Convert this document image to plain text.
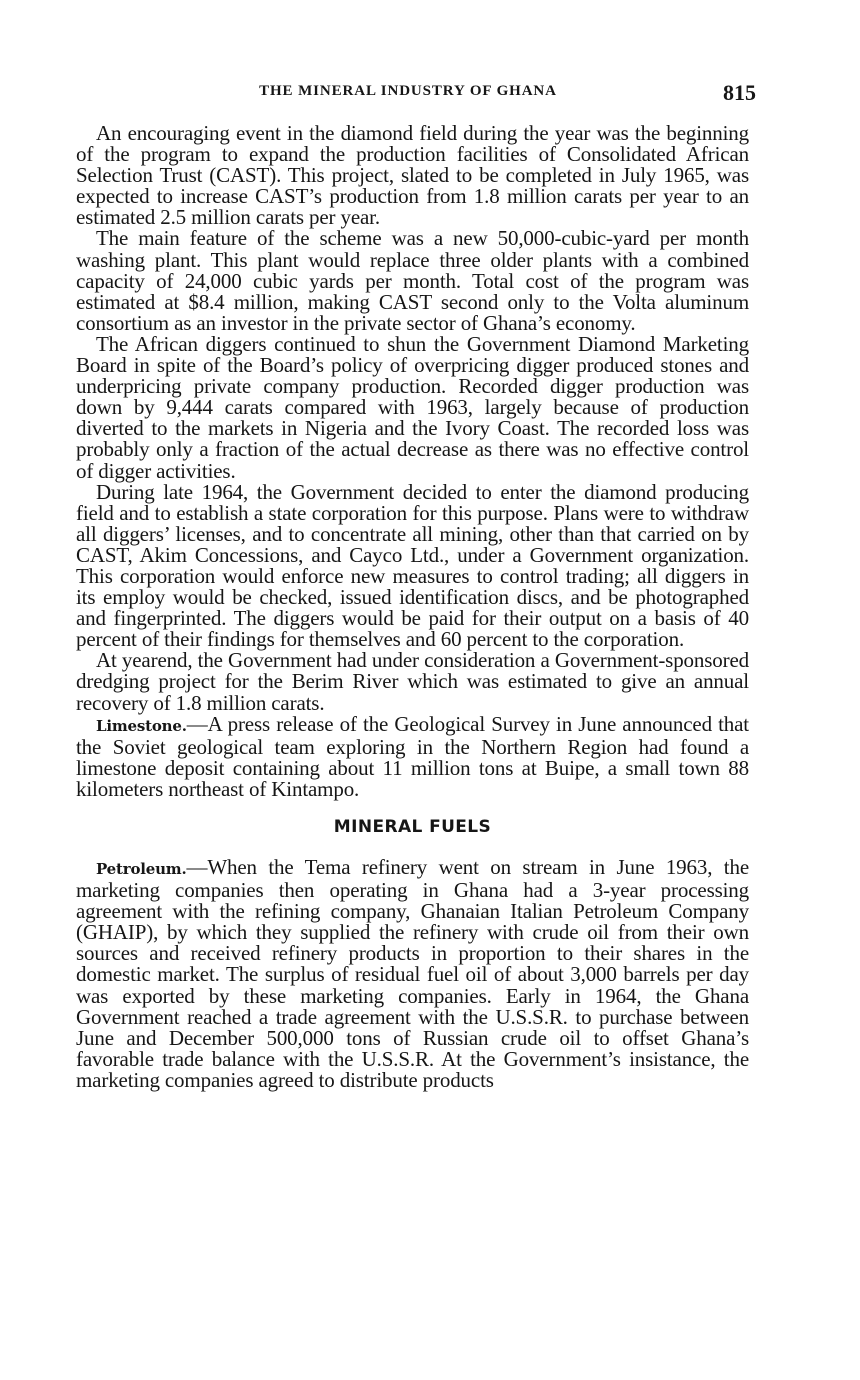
THE MINERAL INDUSTRY OF GHANA	815

An encouraging event in the diamond field during the year was the beginning of the program to expand the production facilities of Consolidated African Selection Trust (CAST). This project, slated to be completed in July 1965, was expected to increase CAST’s production from 1.8 million carats per year to an estimated 2.5 million carats per year.

The main feature of the scheme was a new 50,000-cubic-yard per month washing plant. This plant would replace three older plants with a combined capacity of 24,000 cubic yards per month. Total cost of the program was estimated at $8.4 million, making CAST second only to the Volta aluminum consortium as an investor in the private sector of Ghana’s economy.

The African diggers continued to shun the Government Diamond Marketing Board in spite of the Board’s policy of overpricing digger produced stones and underpricing private company production. Recorded digger production was down by 9,444 carats compared with 1963, largely because of production diverted to the markets in Nigeria and the Ivory Coast. The recorded loss was probably only a fraction of the actual decrease as there was no effective control of digger activities.

During late 1964, the Government decided to enter the diamond producing field and to establish a state corporation for this purpose. Plans were to withdraw all diggers’ licenses, and to concentrate all mining, other than that carried on by CAST, Akim Concessions, and Cayco Ltd., under a Government organization. This corporation would enforce new measures to control trading; all diggers in its employ would be checked, issued identification discs, and be photographed and fingerprinted. The diggers would be paid for their output on a basis of 40 percent of their findings for themselves and 60 percent to the corporation.

At yearend, the Government had under consideration a Government-sponsored dredging project for the Berim River which was estimated to give an annual recovery of 1.8 million carats.

Limestone.—A press release of the Geological Survey in June announced that the Soviet geological team exploring in the Northern Region had found a limestone deposit containing about 11 million tons at Buipe, a small town 88 kilometers northeast of Kintampo.

MINERAL FUELS

Petroleum.—When the Tema refinery went on stream in June 1963, the marketing companies then operating in Ghana had a 3-year processing agreement with the refining company, Ghanaian Italian Petroleum Company (GHAIP), by which they supplied the refinery with crude oil from their own sources and received refinery products in proportion to their shares in the domestic market. The surplus of residual fuel oil of about 3,000 barrels per day was exported by these marketing companies. Early in 1964, the Ghana Government reached a trade agreement with the U.S.S.R. to purchase between June and December 500,000 tons of Russian crude oil to offset Ghana’s favorable trade balance with the U.S.S.R. At the Government’s insistance, the marketing companies agreed to distribute products
